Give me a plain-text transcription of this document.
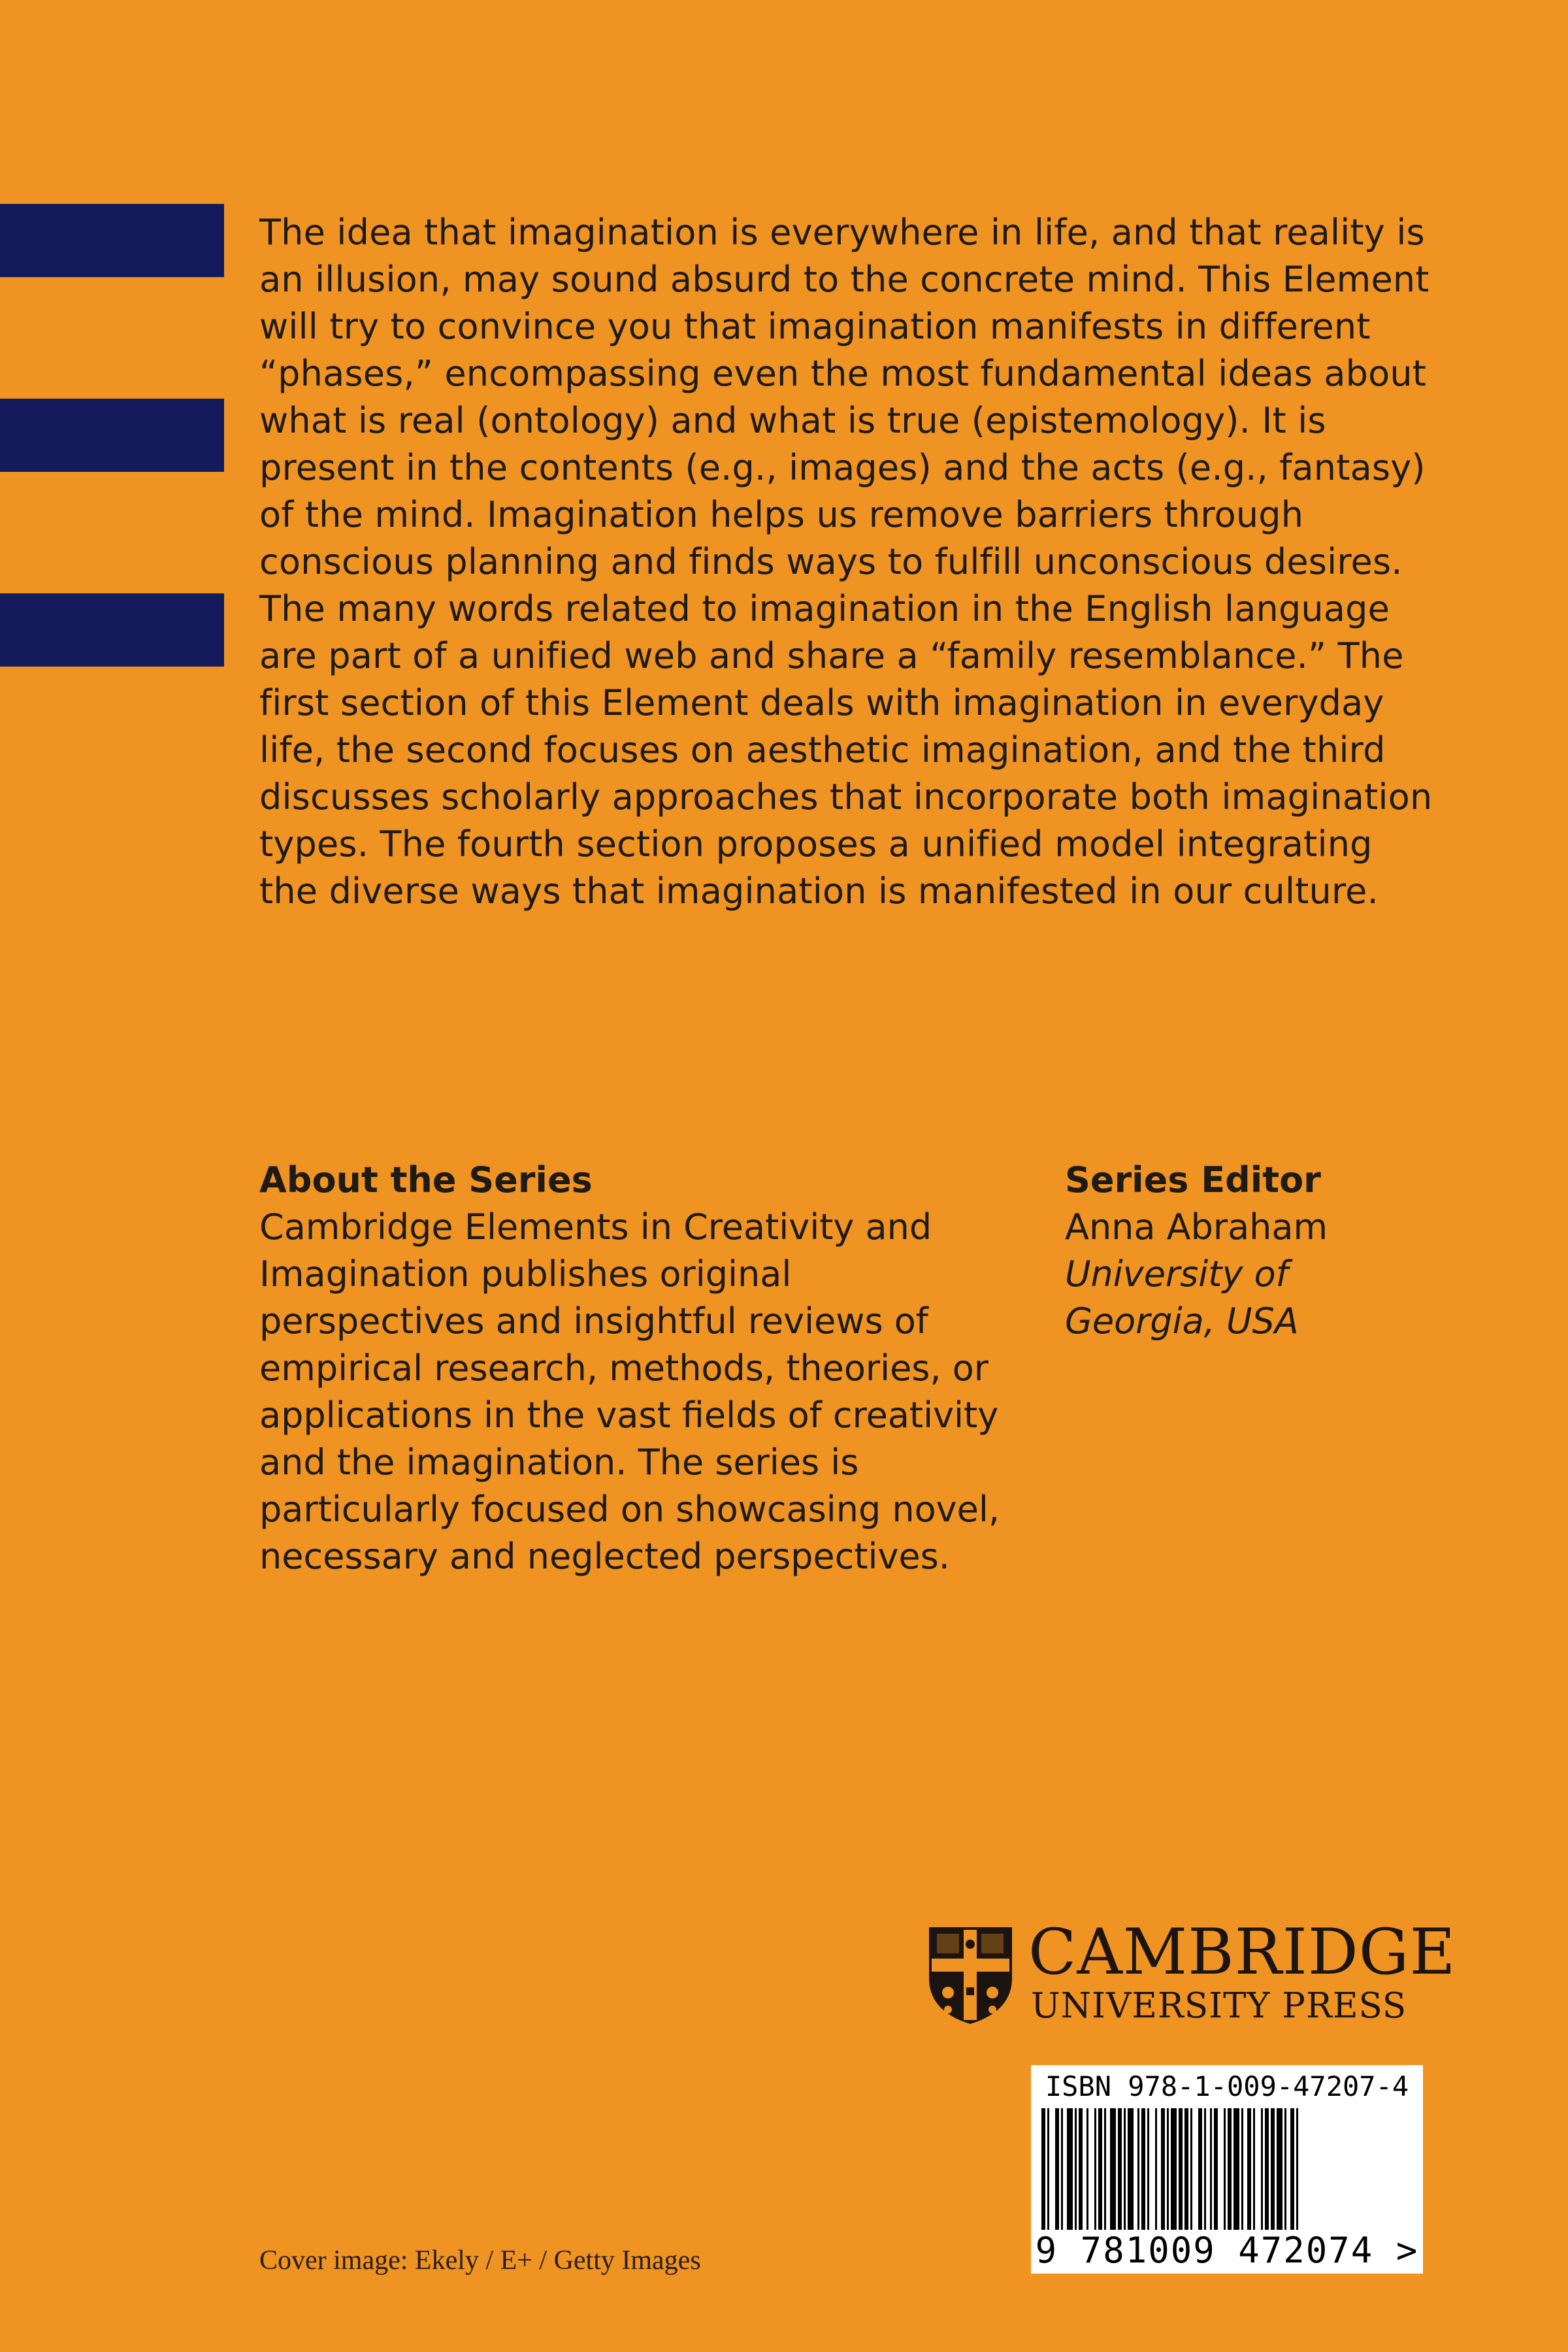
The idea that imagination is everywhere in life, and that reality is an illusion, may sound absurd to the concrete mind. This Element will try to convince you that imagination manifests in different “phases,” encompassing even the most fundamental ideas about what is real (ontology) and what is true (epistemology). It is present in the contents (e.g., images) and the acts (e.g., fantasy) of the mind. Imagination helps us remove barriers through conscious planning and finds ways to fulfill unconscious desires. The many words related to imagination in the English language are part of a unified web and share a “family resemblance.” The first section of this Element deals with imagination in everyday life, the second focuses on aesthetic imagination, and the third discusses scholarly approaches that incorporate both imagination types. The fourth section proposes a unified model integrating the diverse ways that imagination is manifested in our culture.

About the Series

Cambridge Elements in Creativity and Imagination publishes original perspectives and insightful reviews of empirical research, methods, theories, or applications in the vast fields of creativity and the imagination. The series is particularly focused on showcasing novel, necessary and neglected perspectives.

Series Editor

Anna Abraham

University of

Georgia, USA

CAMBRIDGE
UNIVERSITY PRESS
ISBN 978-1-009-47207-4
9 781009 472074 >
Cover image: Ekely / E+ / Getty Images
